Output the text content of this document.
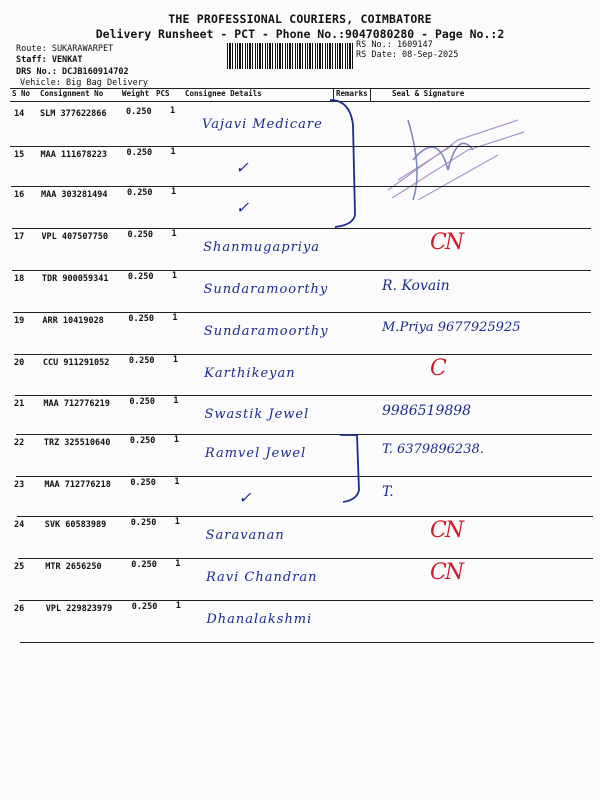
THE PROFESSIONAL COURIERS, COIMBATORE
Delivery Runsheet - PCT - Phone No.:9047080280 - Page No.:2
Route: SUKARAWARPET
Staff: VENKAT
DRS No.: DCJB160914702
Vehicle: Big Bag Delivery
RS No.: 1609147
RS Date: 08-Sep-2025
S No Consignment No	Weight PCS Consignee Details	Remarks	Seal & Signature
14 SLM 377622866 0.250 1
Vajavi Medicare
15 MAA 111678223 0.250 1
✓
16 MAA 303281494 0.250 1
✓
17 VPL 407507750 0.250 1
Shanmugapriya	CN
18 TDR 900059341 0.250 1
Sundaramoorthy	R. Kovain
19 ARR 10419028	0.250 1
Sundaramoorthy	M.Priya 9677925925
20 CCU 911291052 0.250 1
Karthikeyan	C
21 MAA 712776219 0.250 1
Swastik Jewel	9986519898
22 TRZ 325510640 0.250 1
Ramvel Jewel	T. 6379896238.
23 MAA 712776218 0.250 1
✓	T.
24 SVK 60583989	0.250 1
Saravanan	CN
25 MTR 2656250	0.250 1
Ravi Chandran	CN
26	VPL 229823979 0.250 1
Dhanalakshmi
